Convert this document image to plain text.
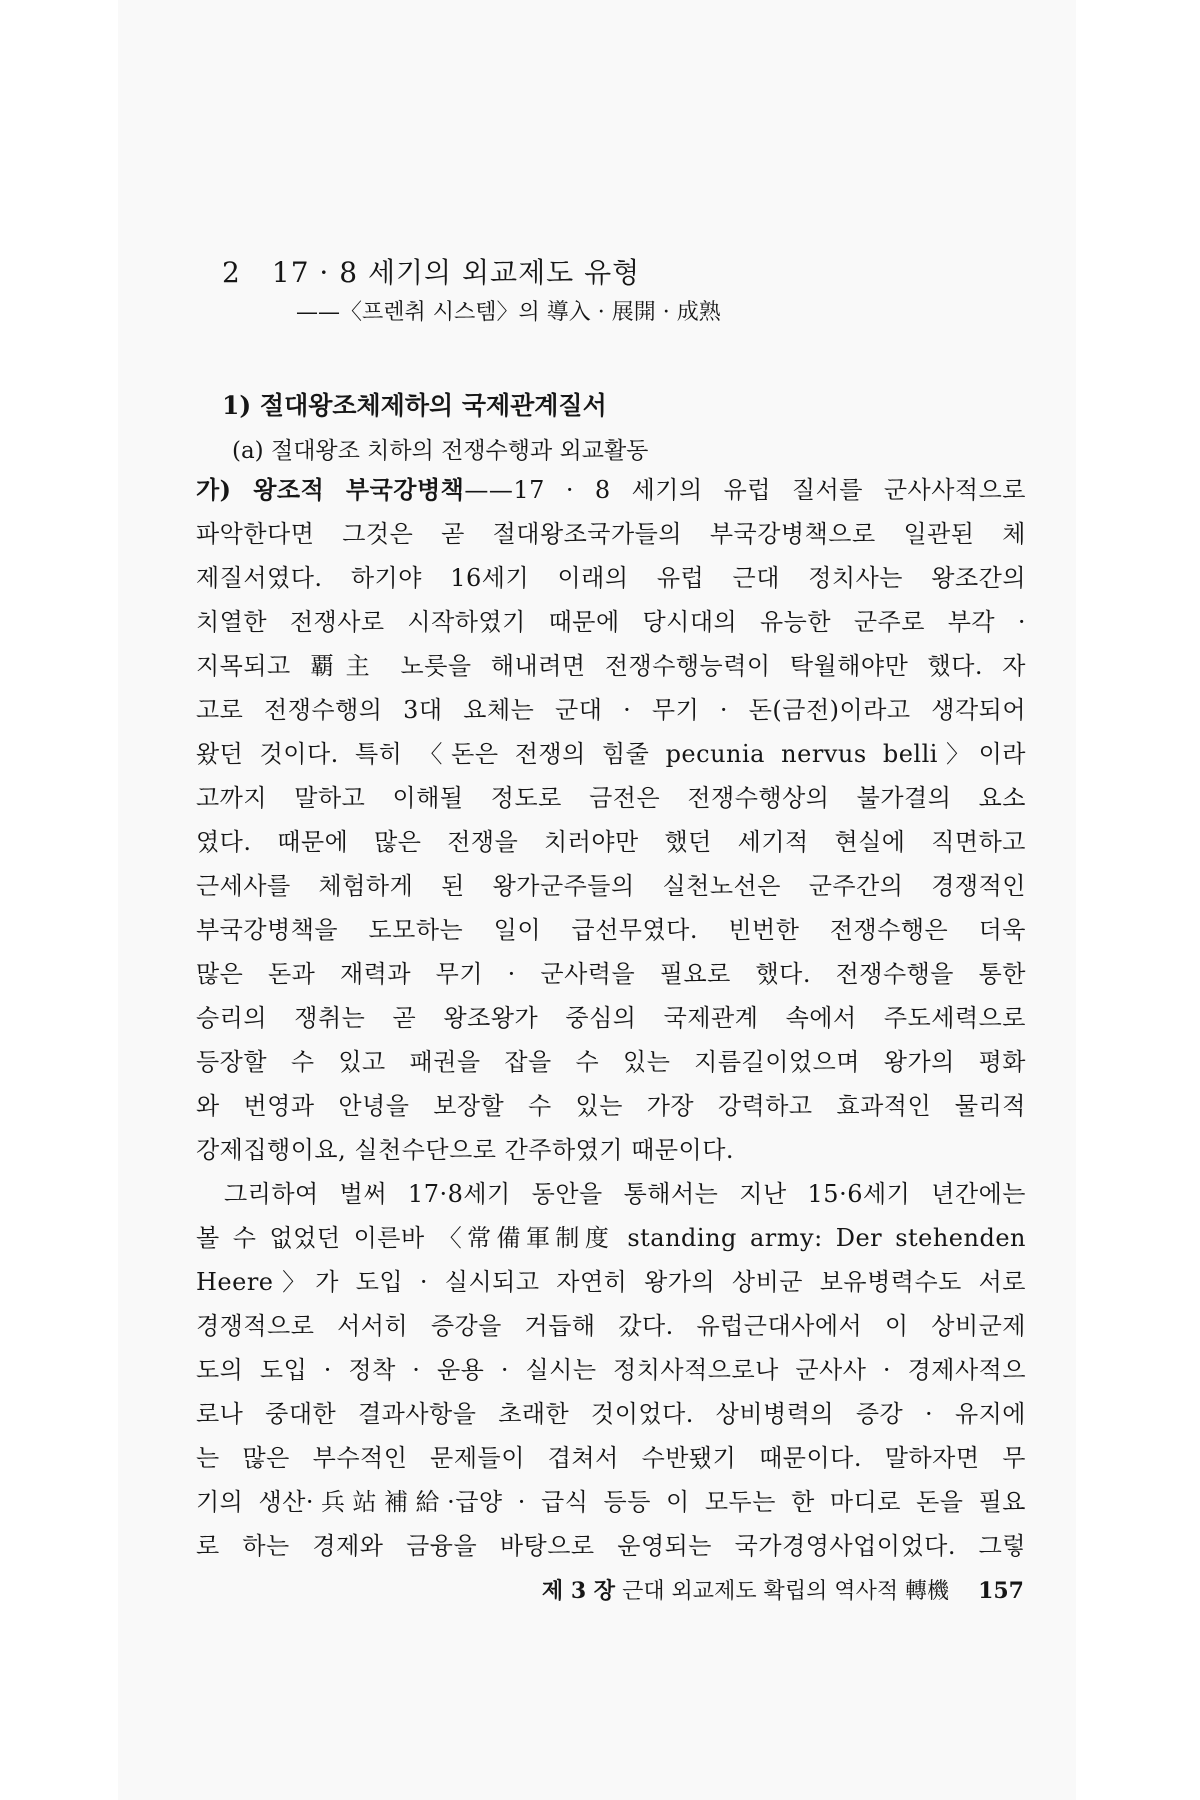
2 17 · 8 세기의 외교제도 유형
——〈프렌취 시스템〉의 導入 · 展開 · 成熟
1) 절대왕조체제하의 국제관계질서
(a) 절대왕조 치하의 전쟁수행과 외교활동
가) 왕조적 부국강병책——17 · 8 세기의 유럽 질서를 군사사적으로
파악한다면 그것은 곧 절대왕조국가들의 부국강병책으로 일관된 체
제질서였다. 하기야 16세기 이래의 유럽 근대 정치사는 왕조간의
치열한 전쟁사로 시작하였기 때문에 당시대의 유능한 군주로 부각 ·
지목되고 覇主 노릇을 해내려면 전쟁수행능력이 탁월해야만 했다. 자
고로 전쟁수행의 3대 요체는 군대 · 무기 · 돈(금전)이라고 생각되어
왔던 것이다. 특히 〈돈은 전쟁의 힘줄 pecunia nervus belli〉이라
고까지 말하고 이해될 정도로 금전은 전쟁수행상의 불가결의 요소
였다. 때문에 많은 전쟁을 치러야만 했던 세기적 현실에 직면하고
근세사를 체험하게 된 왕가군주들의 실천노선은 군주간의 경쟁적인
부국강병책을 도모하는 일이 급선무였다. 빈번한 전쟁수행은 더욱
많은 돈과 재력과 무기 · 군사력을 필요로 했다. 전쟁수행을 통한
승리의 쟁취는 곧 왕조왕가 중심의 국제관계 속에서 주도세력으로
등장할 수 있고 패권을 잡을 수 있는 지름길이었으며 왕가의 평화
와 번영과 안녕을 보장할 수 있는 가장 강력하고 효과적인 물리적
강제집행이요, 실천수단으로 간주하였기 때문이다.
그리하여 벌써 17·8세기 동안을 통해서는 지난 15·6세기 년간에는
볼 수 없었던 이른바 〈常備軍制度 standing army: Der stehenden
Heere〉가 도입 · 실시되고 자연히 왕가의 상비군 보유병력수도 서로
경쟁적으로 서서히 증강을 거듭해 갔다. 유럽근대사에서 이 상비군제
도의 도입 · 정착 · 운용 · 실시는 정치사적으로나 군사사 · 경제사적으
로나 중대한 결과사항을 초래한 것이었다. 상비병력의 증강 · 유지에
는 많은 부수적인 문제들이 겹쳐서 수반됐기 때문이다. 말하자면 무
기의 생산·兵站補給·급양 · 급식 등등 이 모두는 한 마디로 돈을 필요
로 하는 경제와 금융을 바탕으로 운영되는 국가경영사업이었다. 그렇
제 3 장 근대 외교제도 확립의 역사적 轉機 157
